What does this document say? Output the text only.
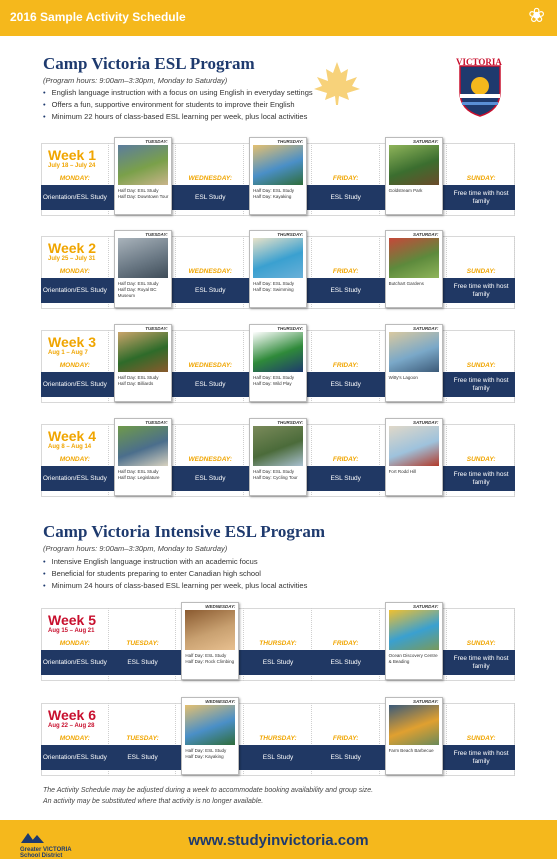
2016 Sample Activity Schedule	❀
Camp Victoria ESL Program
(Program hours: 9:00am–3:30pm, Monday to Saturday)
• English language instruction with a focus on using English in everyday settings
• Offers a fun, supportive environment for students to improve their English
• Minimum 22 hours of class-based ESL learning per week, plus local activities
VICTORIA
Week 1
July 18 – July 24
MONDAY:
Orientation/ESL Study
TUESDAY:
Half Day: ESL Study
Half Day: Downtown Tour
WEDNESDAY:
ESL Study
THURSDAY:
Half Day: ESL Study
Half Day: Kayaking
FRIDAY:
ESL Study
SATURDAY:
Goldstream Park
SUNDAY:
Free time with host family
Week 2
July 25 – July 31
MONDAY:
Orientation/ESL Study
TUESDAY:
Half Day: ESL Study
Half Day: Royal BC Museum
WEDNESDAY:
ESL Study
THURSDAY:
Half Day: ESL Study
Half Day: Swimming
FRIDAY:
ESL Study
SATURDAY:
Butchart Gardens
SUNDAY:
Free time with host family
Week 3
Aug 1 – Aug 7
MONDAY:
Orientation/ESL Study
TUESDAY:
Half Day: ESL Study
Half Day: Billiards
WEDNESDAY:
ESL Study
THURSDAY:
Half Day: ESL Study
Half Day: Wild Play
FRIDAY:
ESL Study
SATURDAY:
Witty's Lagoon
SUNDAY:
Free time with host family
Week 4
Aug 8 – Aug 14
MONDAY:
Orientation/ESL Study
TUESDAY:
Half Day: ESL Study
Half Day: Legislature
WEDNESDAY:
ESL Study
THURSDAY:
Half Day: ESL Study
Half Day: Cycling Tour
FRIDAY:
ESL Study
SATURDAY:
Fort Rodd Hill
SUNDAY:
Free time with host family
Camp Victoria Intensive ESL Program
(Program hours: 9:00am–3:30pm, Monday to Saturday)
• Intensive English language instruction with an academic focus
• Beneficial for students preparing to enter Canadian high school
• Minimum 24 hours of class-based ESL learning per week, plus local activities
Week 5
Aug 15 – Aug 21
MONDAY:
Orientation/ESL Study
TUESDAY:
ESL Study
WEDNESDAY:
Half Day: ESL Study
Half Day: Rock Climbing
THURSDAY:
ESL Study
FRIDAY:
ESL Study
SATURDAY:
Ocean Discovery Centre & Beading
SUNDAY:
Free time with host family
Week 6
Aug 22 – Aug 28
MONDAY:
Orientation/ESL Study
TUESDAY:
ESL Study
WEDNESDAY:
Half Day: ESL Study
Half Day: Kayaking
THURSDAY:
ESL Study
FRIDAY:
ESL Study
SATURDAY:
Farm Beach Barbecue
SUNDAY:
Free time with host family
The Activity Schedule may be adjusted during a week to accommodate booking availability and group size.
An activity may be substituted where that activity is no longer available.
Greater VICTORIA School District
www.studyinvictoria.com
